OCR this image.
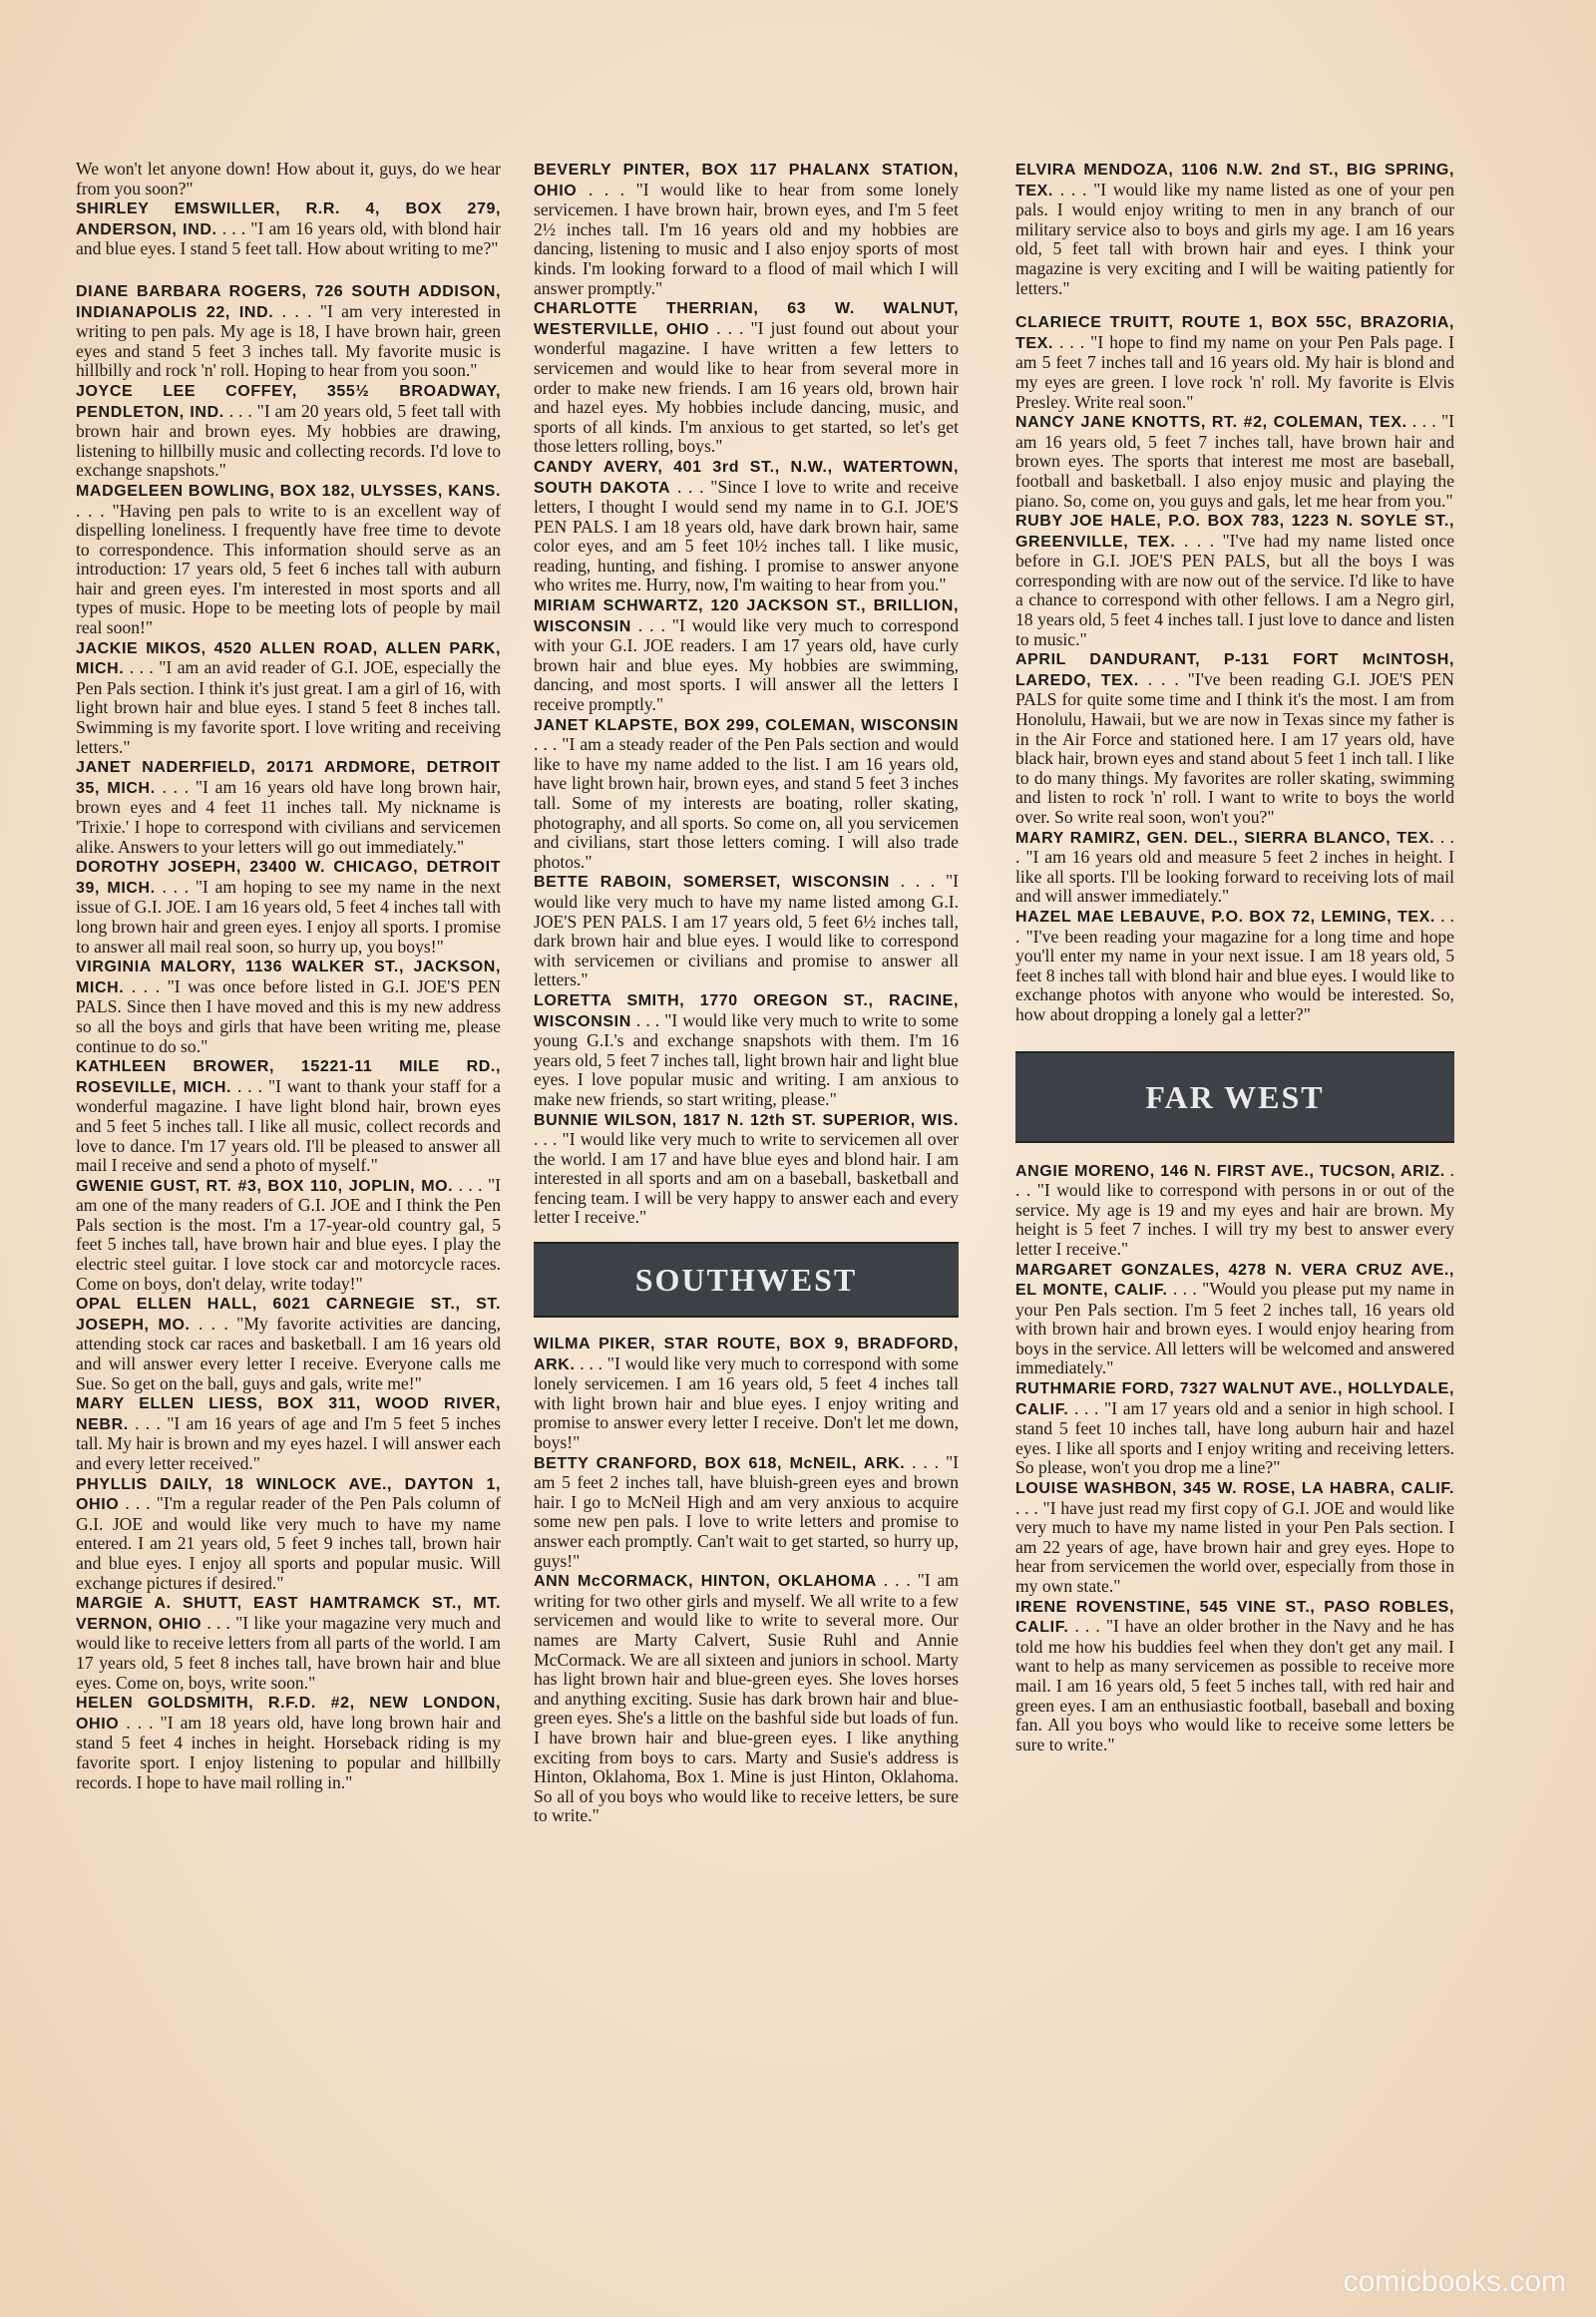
We won't let anyone down! How about it, guys, do we hear from you soon?"

SHIRLEY EMSWILLER, R.R. 4, BOX 279, ANDERSON, IND. . . . "I am 16 years old, with blond hair and blue eyes. I stand 5 feet tall. How about writing to me?"

DIANE BARBARA ROGERS, 726 SOUTH ADDISON, INDIANAPOLIS 22, IND. . . . "I am very interested in writing to pen pals. My age is 18, I have brown hair, green eyes and stand 5 feet 3 inches tall. My favorite music is hillbilly and rock 'n' roll. Hoping to hear from you soon."

JOYCE LEE COFFEY, 355½ BROADWAY, PENDLETON, IND. . . . "I am 20 years old, 5 feet tall with brown hair and brown eyes. My hobbies are drawing, listening to hillbilly music and collecting records. I'd love to exchange snapshots."

MADGELEEN BOWLING, BOX 182, ULYSSES, KANS. . . . "Having pen pals to write to is an excellent way of dispelling loneliness. I frequently have free time to devote to correspondence. This information should serve as an introduction: 17 years old, 5 feet 6 inches tall with auburn hair and green eyes. I'm interested in most sports and all types of music. Hope to be meeting lots of people by mail real soon!"

JACKIE MIKOS, 4520 ALLEN ROAD, ALLEN PARK, MICH. . . . "I am an avid reader of G.I. JOE, especially the Pen Pals section. I think it's just great. I am a girl of 16, with light brown hair and blue eyes. I stand 5 feet 8 inches tall. Swimming is my favorite sport. I love writing and receiving letters."

JANET NADERFIELD, 20171 ARDMORE, DETROIT 35, MICH. . . . "I am 16 years old have long brown hair, brown eyes and 4 feet 11 inches tall. My nickname is 'Trixie.' I hope to correspond with civilians and servicemen alike. Answers to your letters will go out immediately."

DOROTHY JOSEPH, 23400 W. CHICAGO, DETROIT 39, MICH. . . . "I am hoping to see my name in the next issue of G.I. JOE. I am 16 years old, 5 feet 4 inches tall with long brown hair and green eyes. I enjoy all sports. I promise to answer all mail real soon, so hurry up, you boys!"

VIRGINIA MALORY, 1136 WALKER ST., JACKSON, MICH. . . . "I was once before listed in G.I. JOE'S PEN PALS. Since then I have moved and this is my new address so all the boys and girls that have been writing me, please continue to do so."

KATHLEEN BROWER, 15221-11 MILE RD., ROSEVILLE, MICH. . . . "I want to thank your staff for a wonderful magazine. I have light blond hair, brown eyes and 5 feet 5 inches tall. I like all music, collect records and love to dance. I'm 17 years old. I'll be pleased to answer all mail I receive and send a photo of myself."

GWENIE GUST, RT. #3, BOX 110, JOPLIN, MO. . . . "I am one of the many readers of G.I. JOE and I think the Pen Pals section is the most. I'm a 17-year-old country gal, 5 feet 5 inches tall, have brown hair and blue eyes. I play the electric steel guitar. I love stock car and motorcycle races. Come on boys, don't delay, write today!"

OPAL ELLEN HALL, 6021 CARNEGIE ST., ST. JOSEPH, MO. . . . "My favorite activities are dancing, attending stock car races and basketball. I am 16 years old and will answer every letter I receive. Everyone calls me Sue. So get on the ball, guys and gals, write me!"

MARY ELLEN LIESS, BOX 311, WOOD RIVER, NEBR. . . . "I am 16 years of age and I'm 5 feet 5 inches tall. My hair is brown and my eyes hazel. I will answer each and every letter received."

PHYLLIS DAILY, 18 WINLOCK AVE., DAYTON 1, OHIO . . . "I'm a regular reader of the Pen Pals column of G.I. JOE and would like very much to have my name entered. I am 21 years old, 5 feet 9 inches tall, brown hair and blue eyes. I enjoy all sports and popular music. Will exchange pictures if desired."

MARGIE A. SHUTT, EAST HAMTRAMCK ST., MT. VERNON, OHIO . . . "I like your magazine very much and would like to receive letters from all parts of the world. I am 17 years old, 5 feet 8 inches tall, have brown hair and blue eyes. Come on, boys, write soon."

HELEN GOLDSMITH, R.F.D. #2, NEW LONDON, OHIO . . . "I am 18 years old, have long brown hair and stand 5 feet 4 inches in height. Horseback riding is my favorite sport. I enjoy listening to popular and hillbilly records. I hope to have mail rolling in."

BEVERLY PINTER, BOX 117 PHALANX STATION, OHIO . . . "I would like to hear from some lonely servicemen. I have brown hair, brown eyes, and I'm 5 feet 2½ inches tall. I'm 16 years old and my hobbies are dancing, listening to music and I also enjoy sports of most kinds. I'm looking forward to a flood of mail which I will answer promptly."

CHARLOTTE THERRIAN, 63 W. WALNUT, WESTERVILLE, OHIO . . . "I just found out about your wonderful magazine. I have written a few letters to servicemen and would like to hear from several more in order to make new friends. I am 16 years old, brown hair and hazel eyes. My hobbies include dancing, music, and sports of all kinds. I'm anxious to get started, so let's get those letters rolling, boys."

CANDY AVERY, 401 3rd ST., N.W., WATERTOWN, SOUTH DAKOTA . . . "Since I love to write and receive letters, I thought I would send my name in to G.I. JOE'S PEN PALS. I am 18 years old, have dark brown hair, same color eyes, and am 5 feet 10½ inches tall. I like music, reading, hunting, and fishing. I promise to answer anyone who writes me. Hurry, now, I'm waiting to hear from you."

MIRIAM SCHWARTZ, 120 JACKSON ST., BRILLION, WISCONSIN . . . "I would like very much to correspond with your G.I. JOE readers. I am 17 years old, have curly brown hair and blue eyes. My hobbies are swimming, dancing, and most sports. I will answer all the letters I receive promptly."

JANET KLAPSTE, BOX 299, COLEMAN, WISCONSIN . . . "I am a steady reader of the Pen Pals section and would like to have my name added to the list. I am 16 years old, have light brown hair, brown eyes, and stand 5 feet 3 inches tall. Some of my interests are boating, roller skating, photography, and all sports. So come on, all you servicemen and civilians, start those letters coming. I will also trade photos."

BETTE RABOIN, SOMERSET, WISCONSIN . . . "I would like very much to have my name listed among G.I. JOE'S PEN PALS. I am 17 years old, 5 feet 6½ inches tall, dark brown hair and blue eyes. I would like to correspond with servicemen or civilians and promise to answer all letters."

LORETTA SMITH, 1770 OREGON ST., RACINE, WISCONSIN . . . "I would like very much to write to some young G.I.'s and exchange snapshots with them. I'm 16 years old, 5 feet 7 inches tall, light brown hair and light blue eyes. I love popular music and writing. I am anxious to make new friends, so start writing, please."

BUNNIE WILSON, 1817 N. 12th ST. SUPERIOR, WIS. . . . "I would like very much to write to servicemen all over the world. I am 17 and have blue eyes and blond hair. I am interested in all sports and am on a baseball, basketball and fencing team. I will be very happy to answer each and every letter I receive."

SOUTHWEST

WILMA PIKER, STAR ROUTE, BOX 9, BRADFORD, ARK. . . . "I would like very much to correspond with some lonely servicemen. I am 16 years old, 5 feet 4 inches tall with light brown hair and blue eyes. I enjoy writing and promise to answer every letter I receive. Don't let me down, boys!"

BETTY CRANFORD, BOX 618, McNEIL, ARK. . . . "I am 5 feet 2 inches tall, have bluish-green eyes and brown hair. I go to McNeil High and am very anxious to acquire some new pen pals. I love to write letters and promise to answer each promptly. Can't wait to get started, so hurry up, guys!"

ANN McCORMACK, HINTON, OKLAHOMA . . . "I am writing for two other girls and myself. We all write to a few servicemen and would like to write to several more. Our names are Marty Calvert, Susie Ruhl and Annie McCormack. We are all sixteen and juniors in school. Marty has light brown hair and blue-green eyes. She loves horses and anything exciting. Susie has dark brown hair and blue-green eyes. She's a little on the bashful side but loads of fun. I have brown hair and blue-green eyes. I like anything exciting from boys to cars. Marty and Susie's address is Hinton, Oklahoma, Box 1. Mine is just Hinton, Oklahoma. So all of you boys who would like to receive letters, be sure to write."

ELVIRA MENDOZA, 1106 N.W. 2nd ST., BIG SPRING, TEX. . . . "I would like my name listed as one of your pen pals. I would enjoy writing to men in any branch of our military service also to boys and girls my age. I am 16 years old, 5 feet tall with brown hair and eyes. I think your magazine is very exciting and I will be waiting patiently for letters."

CLARIECE TRUITT, ROUTE 1, BOX 55C, BRAZORIA, TEX. . . . "I hope to find my name on your Pen Pals page. I am 5 feet 7 inches tall and 16 years old. My hair is blond and my eyes are green. I love rock 'n' roll. My favorite is Elvis Presley. Write real soon."

NANCY JANE KNOTTS, RT. #2, COLEMAN, TEX. . . . "I am 16 years old, 5 feet 7 inches tall, have brown hair and brown eyes. The sports that interest me most are baseball, football and basketball. I also enjoy music and playing the piano. So, come on, you guys and gals, let me hear from you."

RUBY JOE HALE, P.O. BOX 783, 1223 N. SOYLE ST., GREENVILLE, TEX. . . . "I've had my name listed once before in G.I. JOE'S PEN PALS, but all the boys I was corresponding with are now out of the service. I'd like to have a chance to correspond with other fellows. I am a Negro girl, 18 years old, 5 feet 4 inches tall. I just love to dance and listen to music."

APRIL DANDURANT, P-131 FORT McINTOSH, LAREDO, TEX. . . . "I've been reading G.I. JOE'S PEN PALS for quite some time and I think it's the most. I am from Honolulu, Hawaii, but we are now in Texas since my father is in the Air Force and stationed here. I am 17 years old, have black hair, brown eyes and stand about 5 feet 1 inch tall. I like to do many things. My favorites are roller skating, swimming and listen to rock 'n' roll. I want to write to boys the world over. So write real soon, won't you?"

MARY RAMIRZ, GEN. DEL., SIERRA BLANCO, TEX. . . . "I am 16 years old and measure 5 feet 2 inches in height. I like all sports. I'll be looking forward to receiving lots of mail and will answer immediately."

HAZEL MAE LEBAUVE, P.O. BOX 72, LEMING, TEX. . . . "I've been reading your magazine for a long time and hope you'll enter my name in your next issue. I am 18 years old, 5 feet 8 inches tall with blond hair and blue eyes. I would like to exchange photos with anyone who would be interested. So, how about dropping a lonely gal a letter?"

FAR WEST

ANGIE MORENO, 146 N. FIRST AVE., TUCSON, ARIZ. . . . "I would like to correspond with persons in or out of the service. My age is 19 and my eyes and hair are brown. My height is 5 feet 7 inches. I will try my best to answer every letter I receive."

MARGARET GONZALES, 4278 N. VERA CRUZ AVE., EL MONTE, CALIF. . . . "Would you please put my name in your Pen Pals section. I'm 5 feet 2 inches tall, 16 years old with brown hair and brown eyes. I would enjoy hearing from boys in the service. All letters will be welcomed and answered immediately."

RUTHMARIE FORD, 7327 WALNUT AVE., HOLLYDALE, CALIF. . . . "I am 17 years old and a senior in high school. I stand 5 feet 10 inches tall, have long auburn hair and hazel eyes. I like all sports and I enjoy writing and receiving letters. So please, won't you drop me a line?"

LOUISE WASHBON, 345 W. ROSE, LA HABRA, CALIF. . . . "I have just read my first copy of G.I. JOE and would like very much to have my name listed in your Pen Pals section. I am 22 years of age, have brown hair and grey eyes. Hope to hear from servicemen the world over, especially from those in my own state."

IRENE ROVENSTINE, 545 VINE ST., PASO ROBLES, CALIF. . . . "I have an older brother in the Navy and he has told me how his buddies feel when they don't get any mail. I want to help as many servicemen as possible to receive more mail. I am 16 years old, 5 feet 5 inches tall, with red hair and green eyes. I am an enthusiastic football, baseball and boxing fan. All you boys who would like to receive some letters be sure to write."

comicbooks.com
